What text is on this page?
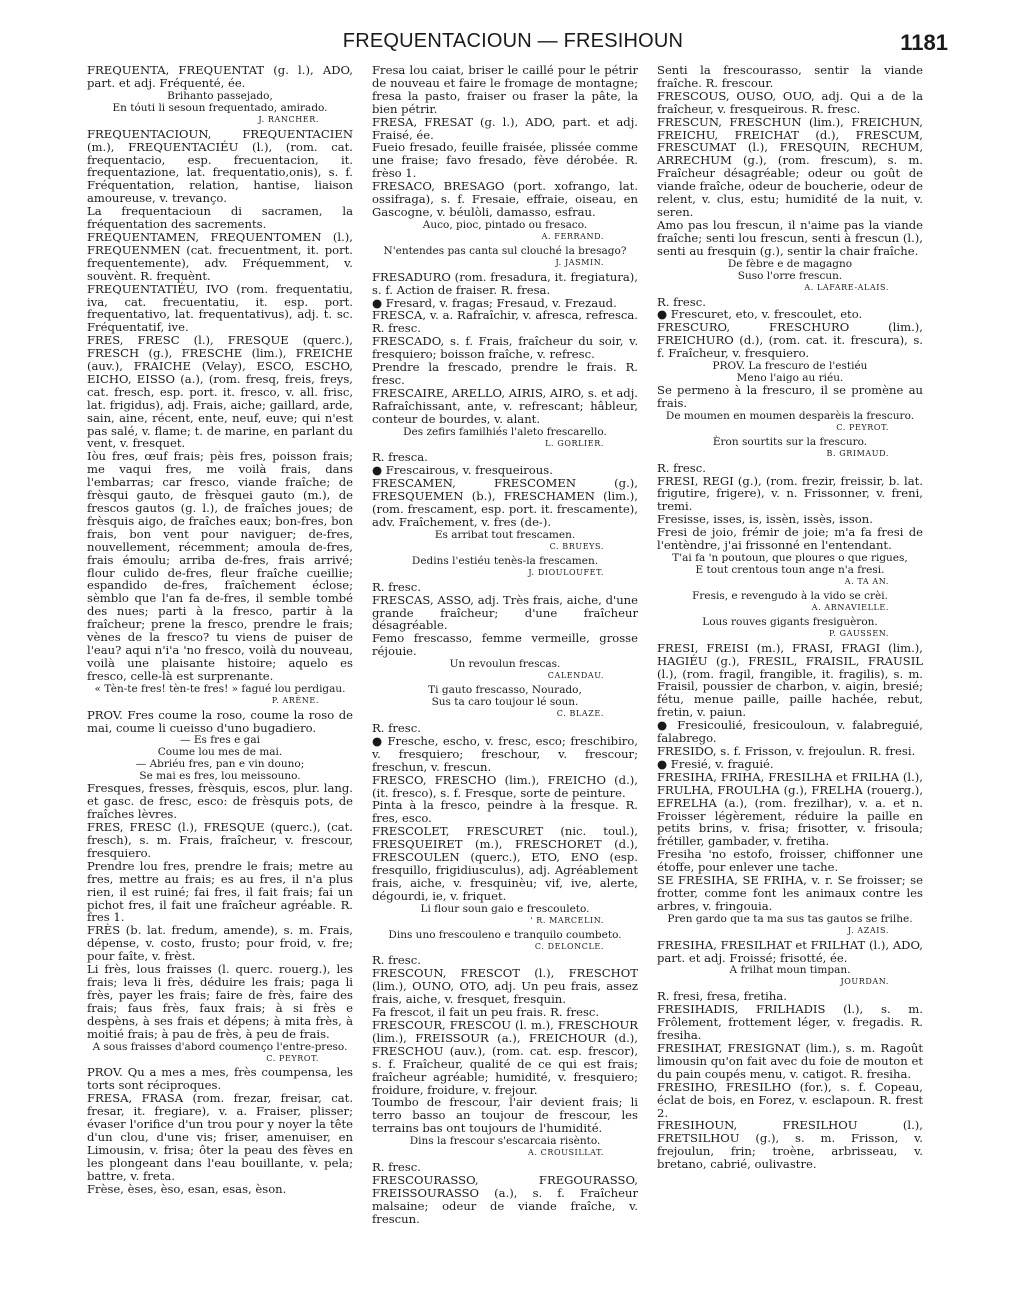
FREQUENTACIOUN — FRESIHOUN	1181
FREQUENTA, FREQUENTAT (g. l.), ADO, part. et adj. Fréquenté, ée.
Brihanto passejado,
En tóuti li sesoun frequentado, amirado.
J. RANCHER.
FREQUENTACIOUN, FREQUENTACIEN (m.), FREQUENTACIÉU (l.), (rom. cat. frequentacio, esp. frecuentacion, it. frequentazione, lat. frequentatio,onis), s. f. Fréquentation, relation, hantise, liaison amoureuse, v. trevanço.
La frequentacioun di sacramen, la fréquentation des sacrements.
FREQUENTAMEN, FREQUENTOMEN (l.), FREQUENMEN (cat. frecuentment, it. port. frequentemente), adv. Fréquemment, v. souvènt. R. frequènt.
FREQUENTATIÉU, IVO (rom. frequentatiu, iva, cat. frecuentatiu, it. esp. port. frequentativo, lat. frequentativus), adj. t. sc. Fréquentatif, ive.
FRES, FRESC (l.), FRESQUE (querc.), FRESCH (g.), FRESCHE (lim.), FREICHE (auv.), FRAICHE (Velay), ESCO, ESCHO, EICHO, EISSO (a.), (rom. fresq, freis, freys, cat. fresch, esp. port. it. fresco, v. all. frisc, lat. frigidus), adj. Frais, aiche; gaillard, arde, sain, aine, récent, ente, neuf, euve; qui n'est pas salé, v. flame; t. de marine, en parlant du vent, v. fresquet.
Iòu fres, œuf frais; pèis fres, poisson frais; me vaqui fres, me voilà frais, dans l'embarras; car fresco, viande fraîche; de frèsqui gauto, de frèsquei gauto (m.), de frescos gautos (g. l.), de fraîches joues; de frèsquis aigo, de fraîches eaux; bon-fres, bon frais, bon vent pour naviguer; de-fres, nouvellement, récemment; amoula de-fres, frais émoulu; arriba de-fres, frais arrivé; flour culido de-fres, fleur fraîche cueillie; espandido de-fres, fraîchement éclose; sèmblo que l'an fa de-fres, il semble tombé des nues; parti à la fresco, partir à la fraîcheur; prene la fresco, prendre le frais; vènes de la fresco? tu viens de puiser de l'eau? aqui n'i'a 'no fresco, voilà du nouveau, voilà une plaisante histoire; aquelo es fresco, celle-là est surprenante.
« Tèn-te fres! tèn-te fres! » fagué lou perdigau.
P. ARÈNE.
PROV. Fres coume la roso, coume la roso de mai, coume li cueisso d'uno bugadiero.
— Es fres e gai
Coume lou mes de mai.
— Abriéu fres, pan e vin douno;
Se mai es fres, lou meissouno.
Fresques, fresses, frèsquis, escos, plur. lang. et gasc. de fresc, esco: de frèsquis pots, de fraîches lèvres.
FRES, FRESC (l.), FRESQUE (querc.), (cat. fresch), s. m. Frais, fraîcheur, v. frescour, fresquiero.
Prendre lou fres, prendre le frais; metre au fres, mettre au frais; es au fres, il n'a plus rien, il est ruiné; fai fres, il fait frais; fai un pichot fres, il fait une fraîcheur agréable. R. fres 1.
FRÈS (b. lat. fredum, amende), s. m. Frais, dépense, v. costo, frusto; pour froid, v. fre; pour faîte, v. frèst.
Li frès, lous fraisses (l. querc. rouerg.), les frais; leva li frès, déduire les frais; paga li frès, payer les frais; faire de frès, faire des frais; faus frès, faux frais; à si frès e despèns, à ses frais et dépens; à mita frès, à moitié frais; à pau de frès, à peu de frais.
A sous fraisses d'abord coumenço l'entre-preso.
C. PEYROT.
PROV. Qu a mes a mes, frès coumpensa, les torts sont réciproques.
FRESA, FRASA (rom. frezar, freisar, cat. fresar, it. fregiare), v. a. Fraiser, plisser; évaser l'orifice d'un trou pour y noyer la tête d'un clou, d'une vis; friser, amenuiser, en Limousin, v. frisa; ôter la peau des fèves en les plongeant dans l'eau bouillante, v. pela; battre, v. freta.
Frèse, èses, èso, esan, esas, èson.
Fresa lou caiat, briser le caillé pour le pétrir de nouveau et faire le fromage de montagne; fresa la pasto, fraiser ou fraser la pâte, la bien pétrir.
FRESA, FRESAT (g. l.), ADO, part. et adj. Fraisé, ée.
Fueio fresado, feuille fraisée, plissée comme une fraise; favo fresado, fève dérobée. R. frèso 1.
FRESACO, BRESAGO (port. xofrango, lat. ossifraga), s. f. Fresaie, effraie, oiseau, en Gascogne, v. béulòli, damasso, esfrau.
Auco, pioc, pintado ou fresaco.
A. FERRAND.
N'entendes pas canta sul clouché la bresago?
J. JASMIN.
FRESADURO (rom. fresadura, it. fregiatura), s. f. Action de fraiser. R. fresa.
● Fresard, v. fragas; Fresaud, v. Frezaud.
FRESCA, v. a. Rafraîchir, v. afresca, refresca. R. fresc.
FRESCADO, s. f. Frais, fraîcheur du soir, v. fresquiero; boisson fraîche, v. refresc.
Prendre la frescado, prendre le frais. R. fresc.
FRESCAIRE, ARELLO, AIRIS, AIRO, s. et adj. Rafraîchissant, ante, v. refrescant; hâbleur, conteur de bourdes, v. alant.
Des zefirs familhiés l'aleto frescarello.
L. GORLIER.
R. fresca.
● Frescairous, v. fresqueirous.
FRESCAMEN, FRESCOMEN (g.), FRESQUEMEN (b.), FRESCHAMEN (lim.), (rom. frescament, esp. port. it. frescamente), adv. Fraîchement, v. fres (de-).
Es arribat tout frescamen.
C. BRUEYS.
Dedins l'estiéu tenès-la frescamen.
J. DIOULOUFET.
R. fresc.
FRESCAS, ASSO, adj. Très frais, aiche, d'une grande fraîcheur; d'une fraîcheur désagréable.
Femo frescasso, femme vermeille, grosse réjouie.
Un revoulun frescas.
CALENDAU.
Ti gauto frescasso, Nourado,
Sus ta caro toujour lé soun.
C. BLAZE.
R. fresc.
● Fresche, escho, v. fresc, esco; freschibiro, v. fresquiero; freschour, v. frescour; freschun, v. frescun.
FRESCO, FRESCHO (lim.), FREICHO (d.), (it. fresco), s. f. Fresque, sorte de peinture.
Pinta à la fresco, peindre à la fresque. R. fres, esco.
FRESCOLET, FRESCURET (nic. toul.), FRESQUEIRET (m.), FRESCHORET (d.), FRESCOULEN (querc.), ETO, ENO (esp. fresquillo, frigidiusculus), adj. Agréablement frais, aiche, v. fresquinèu; vif, ive, alerte, dégourdi, ie, v. friquet.
Li flour soun gaio e frescouleto.
' R. MARCELIN.
Dins uno frescouleno e tranquilo coumbeto.
C. DELONCLE.
R. fresc.
FRESCOUN, FRESCOT (l.), FRESCHOT (lim.), OUNO, OTO, adj. Un peu frais, assez frais, aiche, v. fresquet, fresquin.
Fa frescot, il fait un peu frais. R. fresc.
FRESCOUR, FRESCOU (l. m.), FRESCHOUR (lim.), FREISSOUR (a.), FREICHOUR (d.), FRESCHOU (auv.), (rom. cat. esp. frescor), s. f. Fraîcheur, qualité de ce qui est frais; fraîcheur agréable; humidité, v. fresquiero; froidure, froidure, v. frejour.
Toumbo de frescour, l'air devient frais; li terro basso an toujour de frescour, les terrains bas ont toujours de l'humidité.
Dins la frescour s'escarcaia risènto.
A. CROUSILLAT.
R. fresc.
FRESCOURASSO, FREGOURASSO, FREISSOURASSO (a.), s. f. Fraîcheur malsaine; odeur de viande fraîche, v. frescun.
Senti la frescourasso, sentir la viande fraîche. R. frescour.
FRESCOUS, OUSO, OUO, adj. Qui a de la fraîcheur, v. fresqueirous. R. fresc.
FRESCUN, FRESCHUN (lim.), FREICHUN, FREICHU, FREICHAT (d.), FRESCUM, FRESCUMAT (l.), FRESQUIN, RECHUM, ARRECHUM (g.), (rom. frescum), s. m. Fraîcheur désagréable; odeur ou goût de viande fraîche, odeur de boucherie, odeur de relent, v. clus, estu; humidité de la nuit, v. seren.
Amo pas lou frescun, il n'aime pas la viande fraîche; senti lou frescun, senti à frescun (l.), senti au fresquin (g.), sentir la chair fraîche.
De fèbre e de magagno
Suso l'orre frescun.
A. LAFARE-ALAIS.
R. fresc.
● Frescuret, eto, v. frescoulet, eto.
FRESCURO, FRESCHURO (lim.), FREICHURO (d.), (rom. cat. it. frescura), s. f. Fraîcheur, v. fresquiero.
PROV. La frescuro de l'estiéu
Meno l'aigo au riéu.
Se permeno à la frescuro, il se promène au frais.
De moumen en moumen desparèis la frescuro.
C. PEYROT.
Èron sourtits sur la frescuro.
B. GRIMAUD.
R. fresc.
FRESI, REGI (g.), (rom. frezir, freissir, b. lat. frigutire, frigere), v. n. Frissonner, v. freni, tremi.
Fresisse, isses, is, issèn, issès, isson.
Fresi de joio, frémir de joie; m'a fa fresi de l'entèndre, j'ai frissonné en l'entendant.
T'ai fa 'n poutoun, que ploures o que rigues,
E tout crentous toun ange n'a fresi.
A. TA AN.
Fresis, e revengudo à la vido se crèi.
A. ARNAVIELLE.
Lous rouves gigants fresiguèron.
P. GAUSSEN.
FRESI, FREISI (m.), FRASI, FRAGI (lim.), HAGIÉU (g.), FRESIL, FRAISIL, FRAUSIL (l.), (rom. fragil, frangible, it. fragilis), s. m. Fraisil, poussier de charbon, v. aigin, bresié; fétu, menue paille, paille hachée, rebut, fretin, v. paiun.
● Fresicoulié, fresicouloun, v. falabreguié, falabrego.
FRESIDO, s. f. Frisson, v. frejoulun. R. fresi.
● Fresié, v. fraguié.
FRESIHA, FRIHA, FRESILHA et FRILHA (l.), FRULHA, FROULHA (g.), FRELHA (rouerg.), EFRELHA (a.), (rom. frezilhar), v. a. et n. Froisser légèrement, réduire la paille en petits brins, v. frisa; frisotter, v. frisoula; frétiller, gambader, v. fretiha.
Fresiha 'no estofo, froisser, chiffonner une étoffe, pour enlever une tache.
SE FRESIHA, SE FRIHA, v. r. Se froisser; se frotter, comme font les animaux contre les arbres, v. fringouia.
Pren gardo que ta ma sus tas gautos se frilhe.
J. AZAIS.
FRESIHA, FRESILHAT et FRILHAT (l.), ADO, part. et adj. Froissé; frisotté, ée.
A frilhat moun timpan.
JOURDAN.
R. fresi, fresa, fretiha.
FRESIHADIS, FRILHADIS (l.), s. m. Frôlement, frottement léger, v. fregadis. R. fresiha.
FRESIHAT, FRESIGNAT (lim.), s. m. Ragoût limousin qu'on fait avec du foie de mouton et du pain coupés menu, v. catigot. R. fresiha.
FRESIHO, FRESILHO (for.), s. f. Copeau, éclat de bois, en Forez, v. esclapoun. R. frest 2.
FRESIHOUN, FRESILHOU (l.), FRETSILHOU (g.), s. m. Frisson, v. frejoulun, frin; troène, arbrisseau, v. bretano, cabrié, oulivastre.
